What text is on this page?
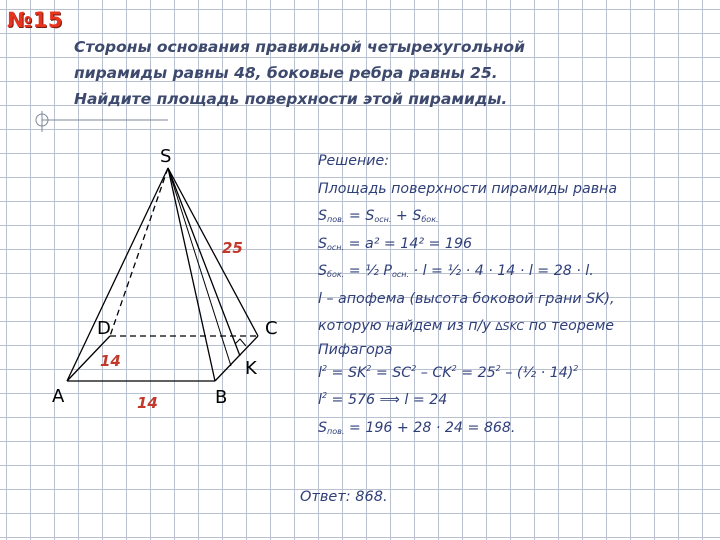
№15
Стороны основания правильной четырехугольной
пирамиды равны 48, боковые ребра равны 25.
Найдите площадь поверхности этой пирамиды.
S
A	B
C
D
K
25
14
14
Решение:
Площадь поверхности пирамиды равна
$S_{пов.} = S_{осн.} + S_{бок.}$
$S_{осн.} = a^2 = 14^2 = 196$
$S_{бок.}$ = ½ $P_{осн.} \cdot l$ = ½ · 4 · 14 · l = 28 · l.
l – апофема (высота боковой грани SK),
которую найдем из п/у ∆SKC по теореме
Пифагора
$l^2 = SK^2 = SC^2 - CK^2 = 25^2$ – (½ · 14)$^2$
$l^2 = 576$ ⟹ l = 24
$S_{пов.} = 196 + 28 \cdot 24 = 868$.
Ответ: 868.
